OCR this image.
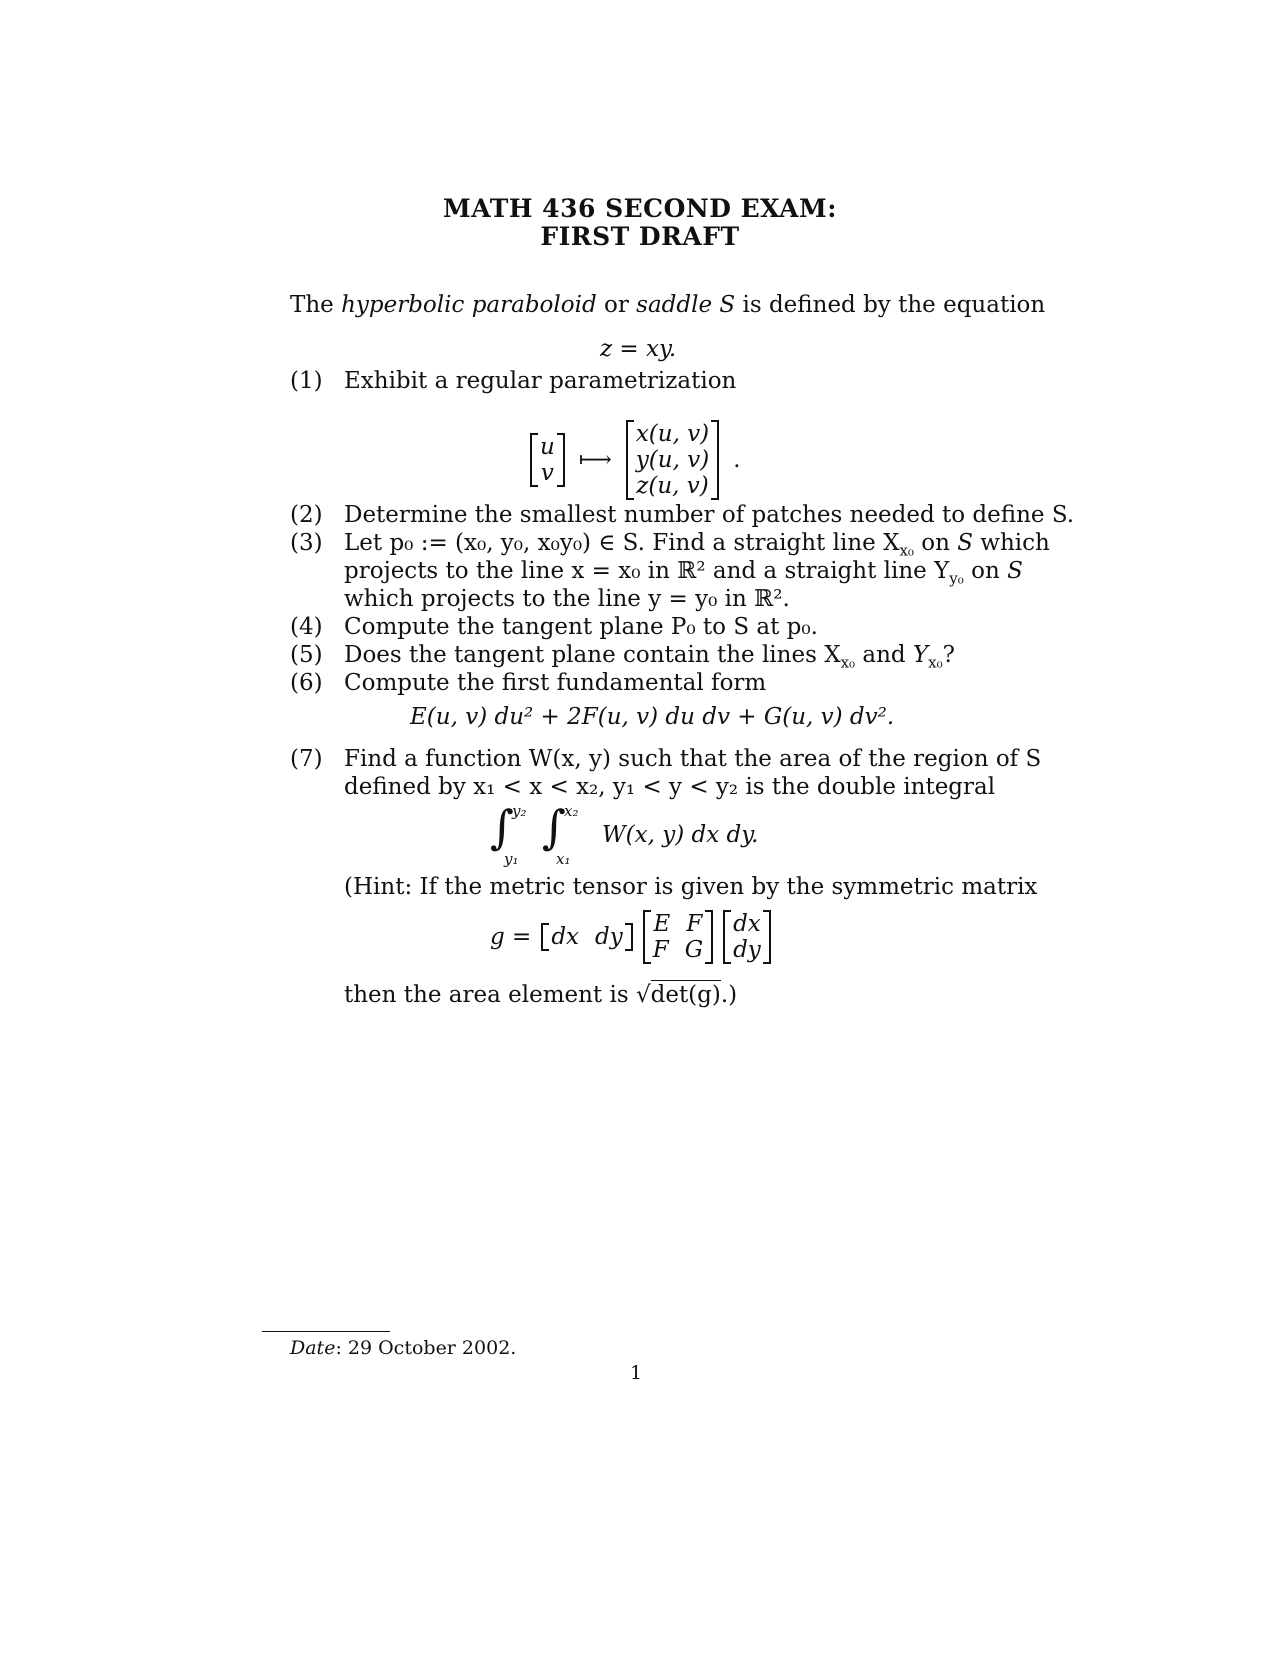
MATH 436 SECOND EXAM:
FIRST DRAFT
The hyperbolic paraboloid or saddle S is defined by the equation
z = xy.
(1) Exhibit a regular parametrization
u
v ⟼
x(u, v)
y(u, v)
z(u, v)
.
(2) Determine the smallest number of patches needed to define S.
(3) Let p₀ := (x₀, y₀, x₀y₀) ∈ S. Find a straight line $X_{x_0}$ on S which
projects to the line x = x₀ in ℝ² and a straight line $Y_{y_0}$ on S
which projects to the line y = y₀ in ℝ².
(4) Compute the tangent plane P₀ to S at p₀.
(5) Does the tangent plane contain the lines $X_{x_0}$ and $Y_{x_0}$?
(6) Compute the first fundamental form
E(u, v) du² + 2F(u, v) du dv + G(u, v) dv².
(7) Find a function W(x, y) such that the area of the region of S
defined by x₁ < x < x₂, y₁ < y < y₂ is the double integral
∫
y₂
y₁
∫
x₂
x₁
W(x, y) dx dy.
(Hint: If the metric tensor is given by the symmetric matrix
g = dx dy E F
F G
dx
dy
then the area element is √det(g).)
Date: 29 October 2002.
1
